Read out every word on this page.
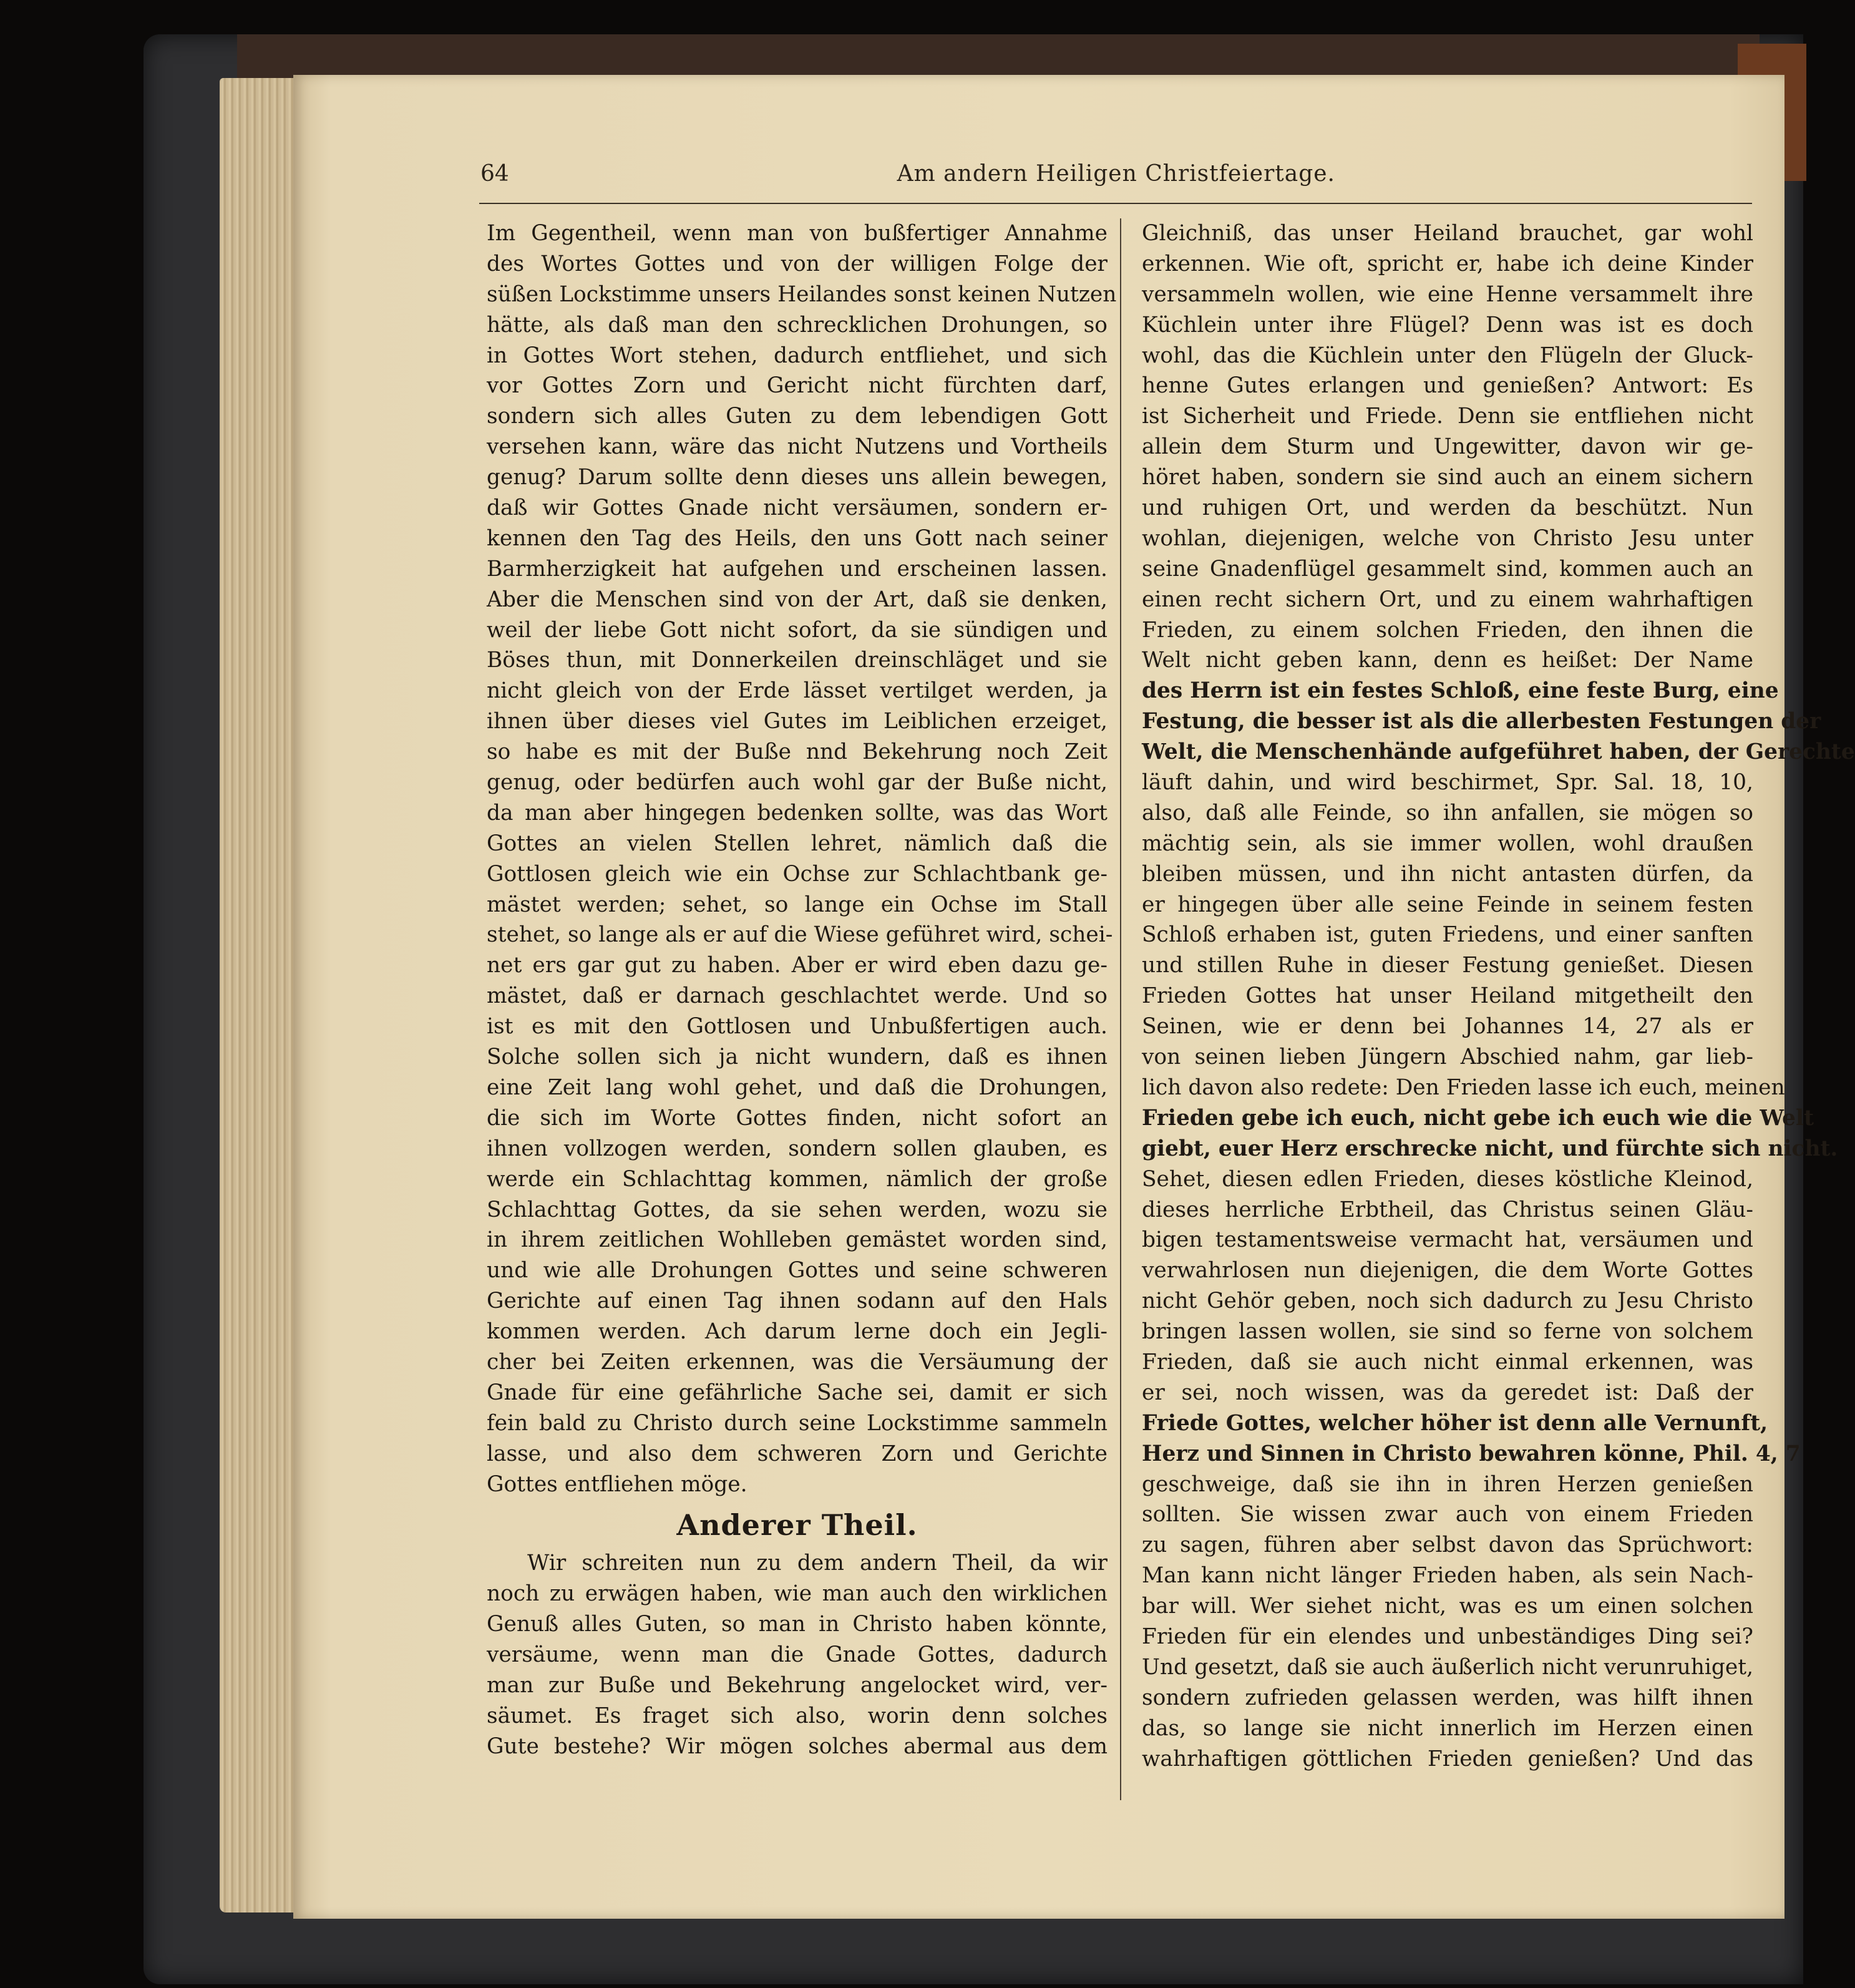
64	Am andern Heiligen Christfeiertage.
Im Gegentheil, wenn man von bußfertiger Annahme
des Wortes Gottes und von der willigen Folge der
süßen Lockstimme unsers Heilandes sonst keinen Nutzen
hätte, als daß man den schrecklichen Drohungen, so
in Gottes Wort stehen, dadurch entfliehet, und sich
vor Gottes Zorn und Gericht nicht fürchten darf,
sondern sich alles Guten zu dem lebendigen Gott
versehen kann, wäre das nicht Nutzens und Vortheils
genug? Darum sollte denn dieses uns allein bewegen,
daß wir Gottes Gnade nicht versäumen, sondern er-
kennen den Tag des Heils, den uns Gott nach seiner
Barmherzigkeit hat aufgehen und erscheinen lassen.
Aber die Menschen sind von der Art, daß sie denken,
weil der liebe Gott nicht sofort, da sie sündigen und
Böses thun, mit Donnerkeilen dreinschläget und sie
nicht gleich von der Erde lässet vertilget werden, ja
ihnen über dieses viel Gutes im Leiblichen erzeiget,
so habe es mit der Buße nnd Bekehrung noch Zeit
genug, oder bedürfen auch wohl gar der Buße nicht,
da man aber hingegen bedenken sollte, was das Wort
Gottes an vielen Stellen lehret, nämlich daß die
Gottlosen gleich wie ein Ochse zur Schlachtbank ge-
mästet werden; sehet, so lange ein Ochse im Stall
stehet, so lange als er auf die Wiese geführet wird, schei-
net ers gar gut zu haben. Aber er wird eben dazu ge-
mästet, daß er darnach geschlachtet werde. Und so
ist es mit den Gottlosen und Unbußfertigen auch.
Solche sollen sich ja nicht wundern, daß es ihnen
eine Zeit lang wohl gehet, und daß die Drohungen,
die sich im Worte Gottes finden, nicht sofort an
ihnen vollzogen werden, sondern sollen glauben, es
werde ein Schlachttag kommen, nämlich der große
Schlachttag Gottes, da sie sehen werden, wozu sie
in ihrem zeitlichen Wohlleben gemästet worden sind,
und wie alle Drohungen Gottes und seine schweren
Gerichte auf einen Tag ihnen sodann auf den Hals
kommen werden. Ach darum lerne doch ein Jegli-
cher bei Zeiten erkennen, was die Versäumung der
Gnade für eine gefährliche Sache sei, damit er sich
fein bald zu Christo durch seine Lockstimme sammeln
lasse, und also dem schweren Zorn und Gerichte
Gottes entfliehen möge.
Anderer Theil.
Wir schreiten nun zu dem andern Theil, da wir
noch zu erwägen haben, wie man auch den wirklichen
Genuß alles Guten, so man in Christo haben könnte,
versäume, wenn man die Gnade Gottes, dadurch
man zur Buße und Bekehrung angelocket wird, ver-
säumet. Es fraget sich also, worin denn solches
Gute bestehe? Wir mögen solches abermal aus dem
Gleichniß, das unser Heiland brauchet, gar wohl
erkennen. Wie oft, spricht er, habe ich deine Kinder
versammeln wollen, wie eine Henne versammelt ihre
Küchlein unter ihre Flügel? Denn was ist es doch
wohl, das die Küchlein unter den Flügeln der Gluck-
henne Gutes erlangen und genießen? Antwort: Es
ist Sicherheit und Friede. Denn sie entfliehen nicht
allein dem Sturm und Ungewitter, davon wir ge-
höret haben, sondern sie sind auch an einem sichern
und ruhigen Ort, und werden da beschützt. Nun
wohlan, diejenigen, welche von Christo Jesu unter
seine Gnadenflügel gesammelt sind, kommen auch an
einen recht sichern Ort, und zu einem wahrhaftigen
Frieden, zu einem solchen Frieden, den ihnen die
Welt nicht geben kann, denn es heißet: Der Name
des Herrn ist ein festes Schloß, eine feste Burg, eine
Festung, die besser ist als die allerbesten Festungen der
Welt, die Menschenhände aufgeführet haben, der Gerechte
läuft dahin, und wird beschirmet, Spr. Sal. 18, 10,
also, daß alle Feinde, so ihn anfallen, sie mögen so
mächtig sein, als sie immer wollen, wohl draußen
bleiben müssen, und ihn nicht antasten dürfen, da
er hingegen über alle seine Feinde in seinem festen
Schloß erhaben ist, guten Friedens, und einer sanften
und stillen Ruhe in dieser Festung genießet. Diesen
Frieden Gottes hat unser Heiland mitgetheilt den
Seinen, wie er denn bei Johannes 14, 27 als er
von seinen lieben Jüngern Abschied nahm, gar lieb-
lich davon also redete: Den Frieden lasse ich euch, meinen
Frieden gebe ich euch, nicht gebe ich euch wie die Welt
giebt, euer Herz erschrecke nicht, und fürchte sich nicht.
Sehet, diesen edlen Frieden, dieses köstliche Kleinod,
dieses herrliche Erbtheil, das Christus seinen Gläu-
bigen testamentsweise vermacht hat, versäumen und
verwahrlosen nun diejenigen, die dem Worte Gottes
nicht Gehör geben, noch sich dadurch zu Jesu Christo
bringen lassen wollen, sie sind so ferne von solchem
Frieden, daß sie auch nicht einmal erkennen, was
er sei, noch wissen, was da geredet ist: Daß der
Friede Gottes, welcher höher ist denn alle Vernunft,
Herz und Sinnen in Christo bewahren könne, Phil. 4, 7
geschweige, daß sie ihn in ihren Herzen genießen
sollten. Sie wissen zwar auch von einem Frieden
zu sagen, führen aber selbst davon das Sprüchwort:
Man kann nicht länger Frieden haben, als sein Nach-
bar will. Wer siehet nicht, was es um einen solchen
Frieden für ein elendes und unbeständiges Ding sei?
Und gesetzt, daß sie auch äußerlich nicht verunruhiget,
sondern zufrieden gelassen werden, was hilft ihnen
das, so lange sie nicht innerlich im Herzen einen
wahrhaftigen göttlichen Frieden genießen? Und das
